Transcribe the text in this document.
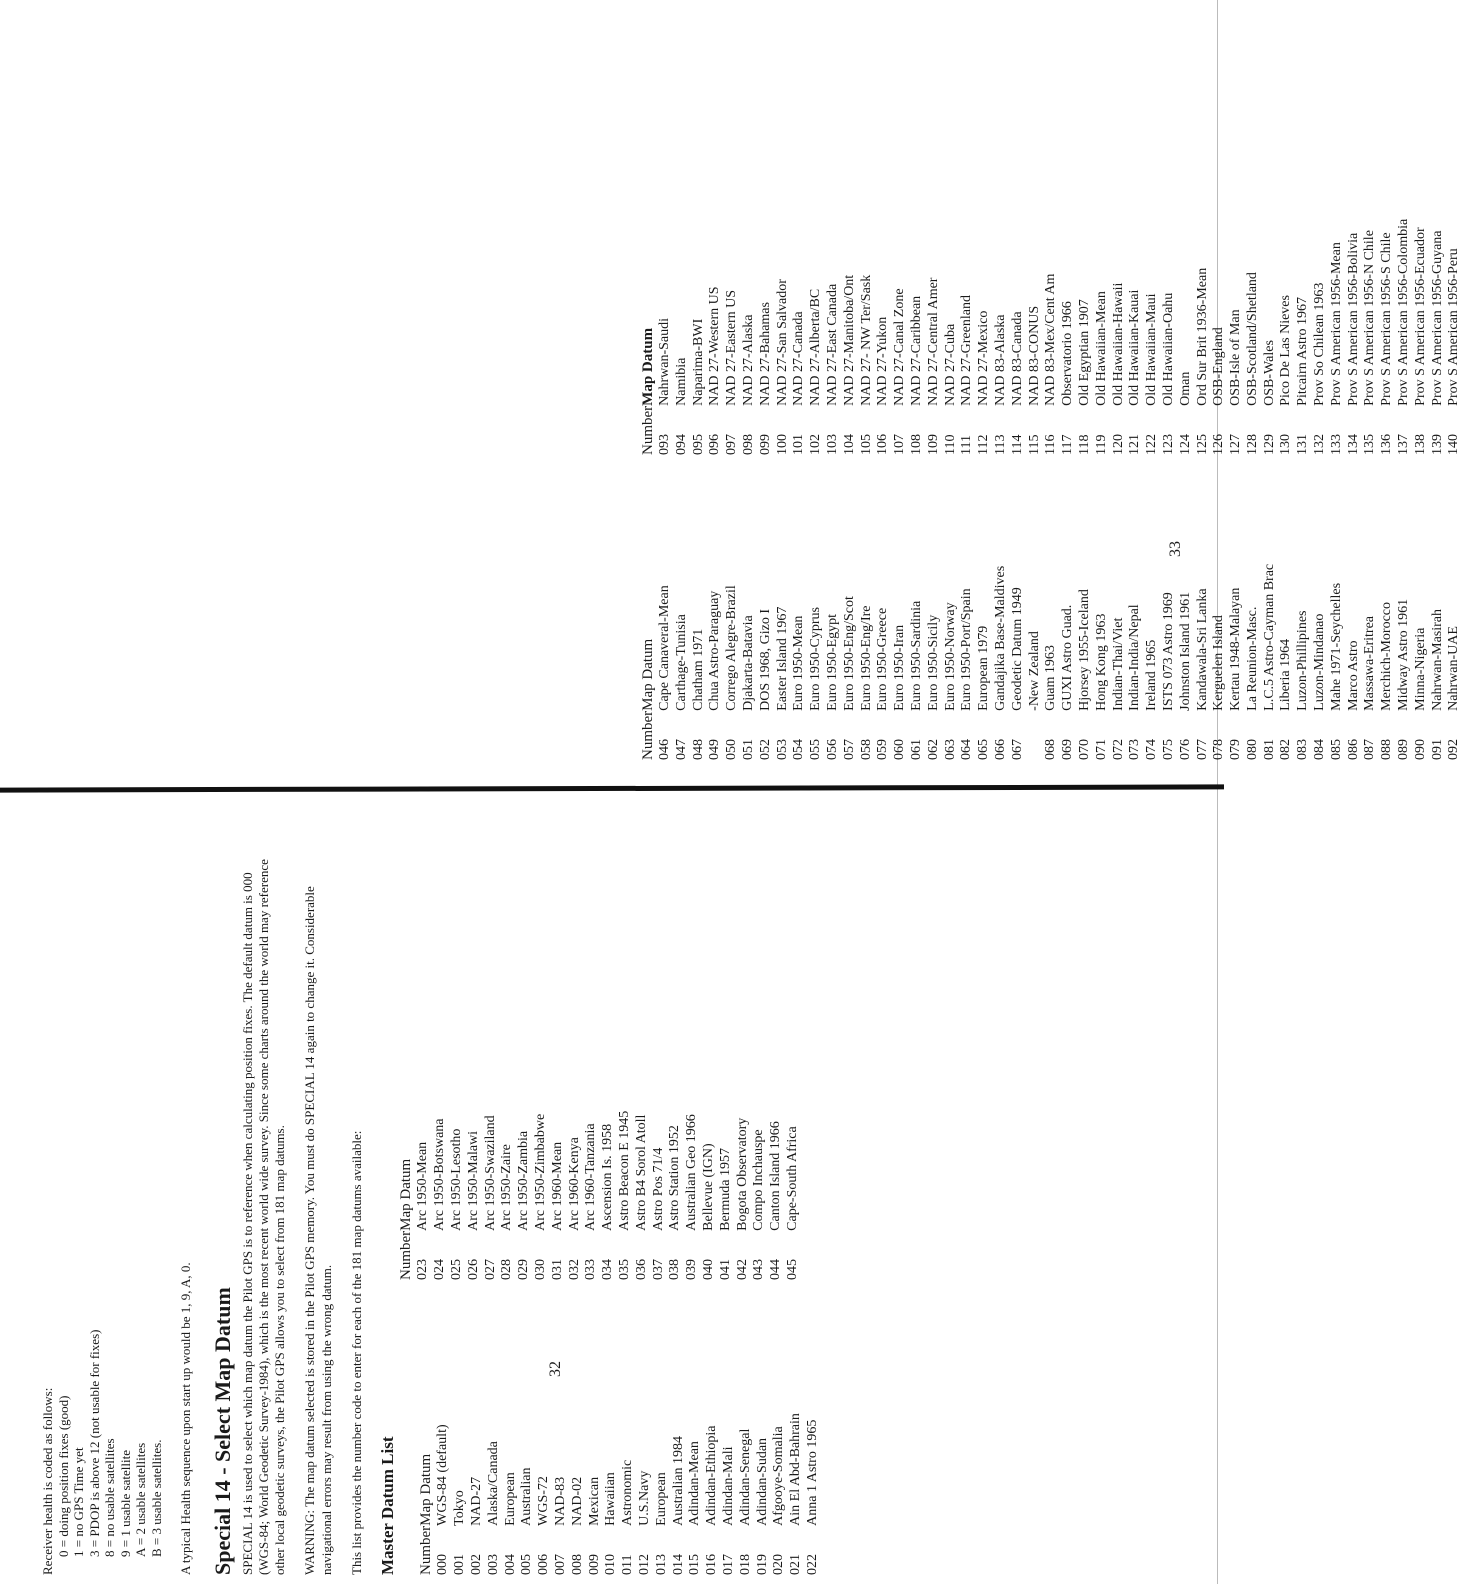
Receiver health is coded as follows: 0 = doing position fixes (good) 1 = no GPS Time yet 3 = PDOP is above 12 (not usable for fixes) 8 = no usable satellites 9 = 1 usable satellite A = 2 usable satellites B = 3 usable satellites. A typical Health sequence upon start up would be 1, 9, A, 0. Special 14 - Select Map Datum SPECIAL 14 is used to select which map datum the Pilot GPS is to reference when calculating position fixes. The default datum is 000 (WGS-84; World Geodetic Survey-1984), which is the most recent world wide survey. Since some charts around the world may reference other local geodetic surveys, the Pilot GPS allows you to select from 181 map datums. WARNING: The map datum selected is stored in the Pilot GPS memory. You must do SPECIAL 14 again to change it. Considerable navigational errors may result from using the wrong datum. This list provides the number code to enter for each of the 181 map datums available: Master Datum List Number	Map Datum
000	WGS-84 (default)
001	Tokyo
002	NAD-27
003	Alaska/Canada
004	European
005	Australian
006	WGS-72
007	NAD-83
008	NAD-02
009	Mexican
010	Hawaiian
011	Astronomic
012	U.S.Navy
013	European
014	Australian 1984
015	Adindan-Mean
016	Adindan-Ethiopia
017	Adindan-Mali
018	Adindan-Senegal
019	Adindan-Sudan
020	Afgooye-Somalia
021	Ain El Abd-Bahrain
022	Anna 1 Astro 1965
Number	Map Datum
023	Arc 1950-Mean
024	Arc 1950-Botswana
025	Arc 1950-Lesotho
026	Arc 1950-Malawi
027	Arc 1950-Swaziland
028	Arc 1950-Zaire
029	Arc 1950-Zambia
030	Arc 1950-Zimbabwe
031	Arc 1960-Mean
032	Arc 1960-Kenya
033	Arc 1960-Tanzania
034	Ascension Is. 1958
035	Astro Beacon E 1945
036	Astro B4 Sorol Atoll
037	Astro Pos 71/4
038	Astro Station 1952
039	Australian Geo 1966
040	Bellevue (IGN)
041	Bermuda 1957
042	Bogota Observatory
043	Compo Inchauspe
044	Canton Island 1966
045	Cape-South Africa
32
Number	Map Datum
046	Cape Canaveral-Mean
047	Carthage-Tunisia
048	Chatham 1971
049	Chua Astro-Paraguay
050	Corrego Alegre-Brazil
051	Djakarta-Batavia
052	DOS 1968, Gizo I
053	Easter Island 1967
054	Euro 1950-Mean
055	Euro 1950-Cyprus
056	Euro 1950-Egypt
057	Euro 1950-Eng/Scot
058	Euro 1950-Eng/Ire
059	Euro 1950-Greece
060	Euro 1950-Iran
061	Euro 1950-Sardinia
062	Euro 1950-Sicily
063	Euro 1950-Norway
064	Euro 1950-Port/Spain
065	European 1979
066	Gandajika Base-Maldives
067	Geodetic Datum 1949
	-New Zealand
068	Guam 1963
069	GUXI Astro Guad.
070	Hjorsey 1955-Iceland
071	Hong Kong 1963
072	Indian-Thai/Viet
073	Indian-India/Nepal
074	Ireland 1965
075	ISTS 073 Astro 1969
076	Johnston Island 1961
077	Kandawala-Sri Lanka
078	Kerguelen Island
079	Kertau 1948-Malayan
080	La Reunion-Masc.
081	L.C.5 Astro-Cayman Brac
082	Liberia 1964
083	Luzon-Phillipines
084	Luzon-Mindanao
085	Mahe 1971-Seychelles
086	Marco Astro
087	Massawa-Eritrea
088	Merchich-Morocco
089	Midway Astro 1961
090	Minna-Nigeria
091	Nahrwan-Masirah
092	Nahrwan-UAE
Number	Map Datum
093	Nahrwan-Saudi
094	Namibia
095	Naparima-BWI
096	NAD 27-Western US
097	NAD 27-Eastern US
098	NAD 27-Alaska
099	NAD 27-Bahamas
100	NAD 27-San Salvador
101	NAD 27-Canada
102	NAD 27-Alberta/BC
103	NAD 27-East Canada
104	NAD 27-Manitoba/Ont
105	NAD 27- NW Ter/Sask
106	NAD 27-Yukon
107	NAD 27-Canal Zone
108	NAD 27-Caribbean
109	NAD 27-Central Amer
110	NAD 27-Cuba
111	NAD 27-Greenland
112	NAD 27-Mexico
113	NAD 83-Alaska
114	NAD 83-Canada
115	NAD 83-CONUS
116	NAD 83-Mex/Cent Am
117	Observatorio 1966
118	Old Egyptian 1907
119	Old Hawaiian-Mean
120	Old Hawaiian-Hawaii
121	Old Hawaiian-Kauai
122	Old Hawaiian-Maui
123	Old Hawaiian-Oahu
124	Oman
125	Ord Sur Brit 1936-Mean
126	OSB-England
127	OSB-Isle of Man
128	OSB-Scotland/Shetland
129	OSB-Wales
130	Pico De Las Nieves
131	Pitcairn Astro 1967
132	Prov So Chilean 1963
133	Prov S American 1956-Mean
134	Prov S American 1956-Bolivia
135	Prov S American 1956-N Chile
136	Prov S American 1956-S Chile
137	Prov S American 1956-Colombia
138	Prov S American 1956-Ecuador
139	Prov S American 1956-Guyana
140	Prov S American 1956-Peru
33
